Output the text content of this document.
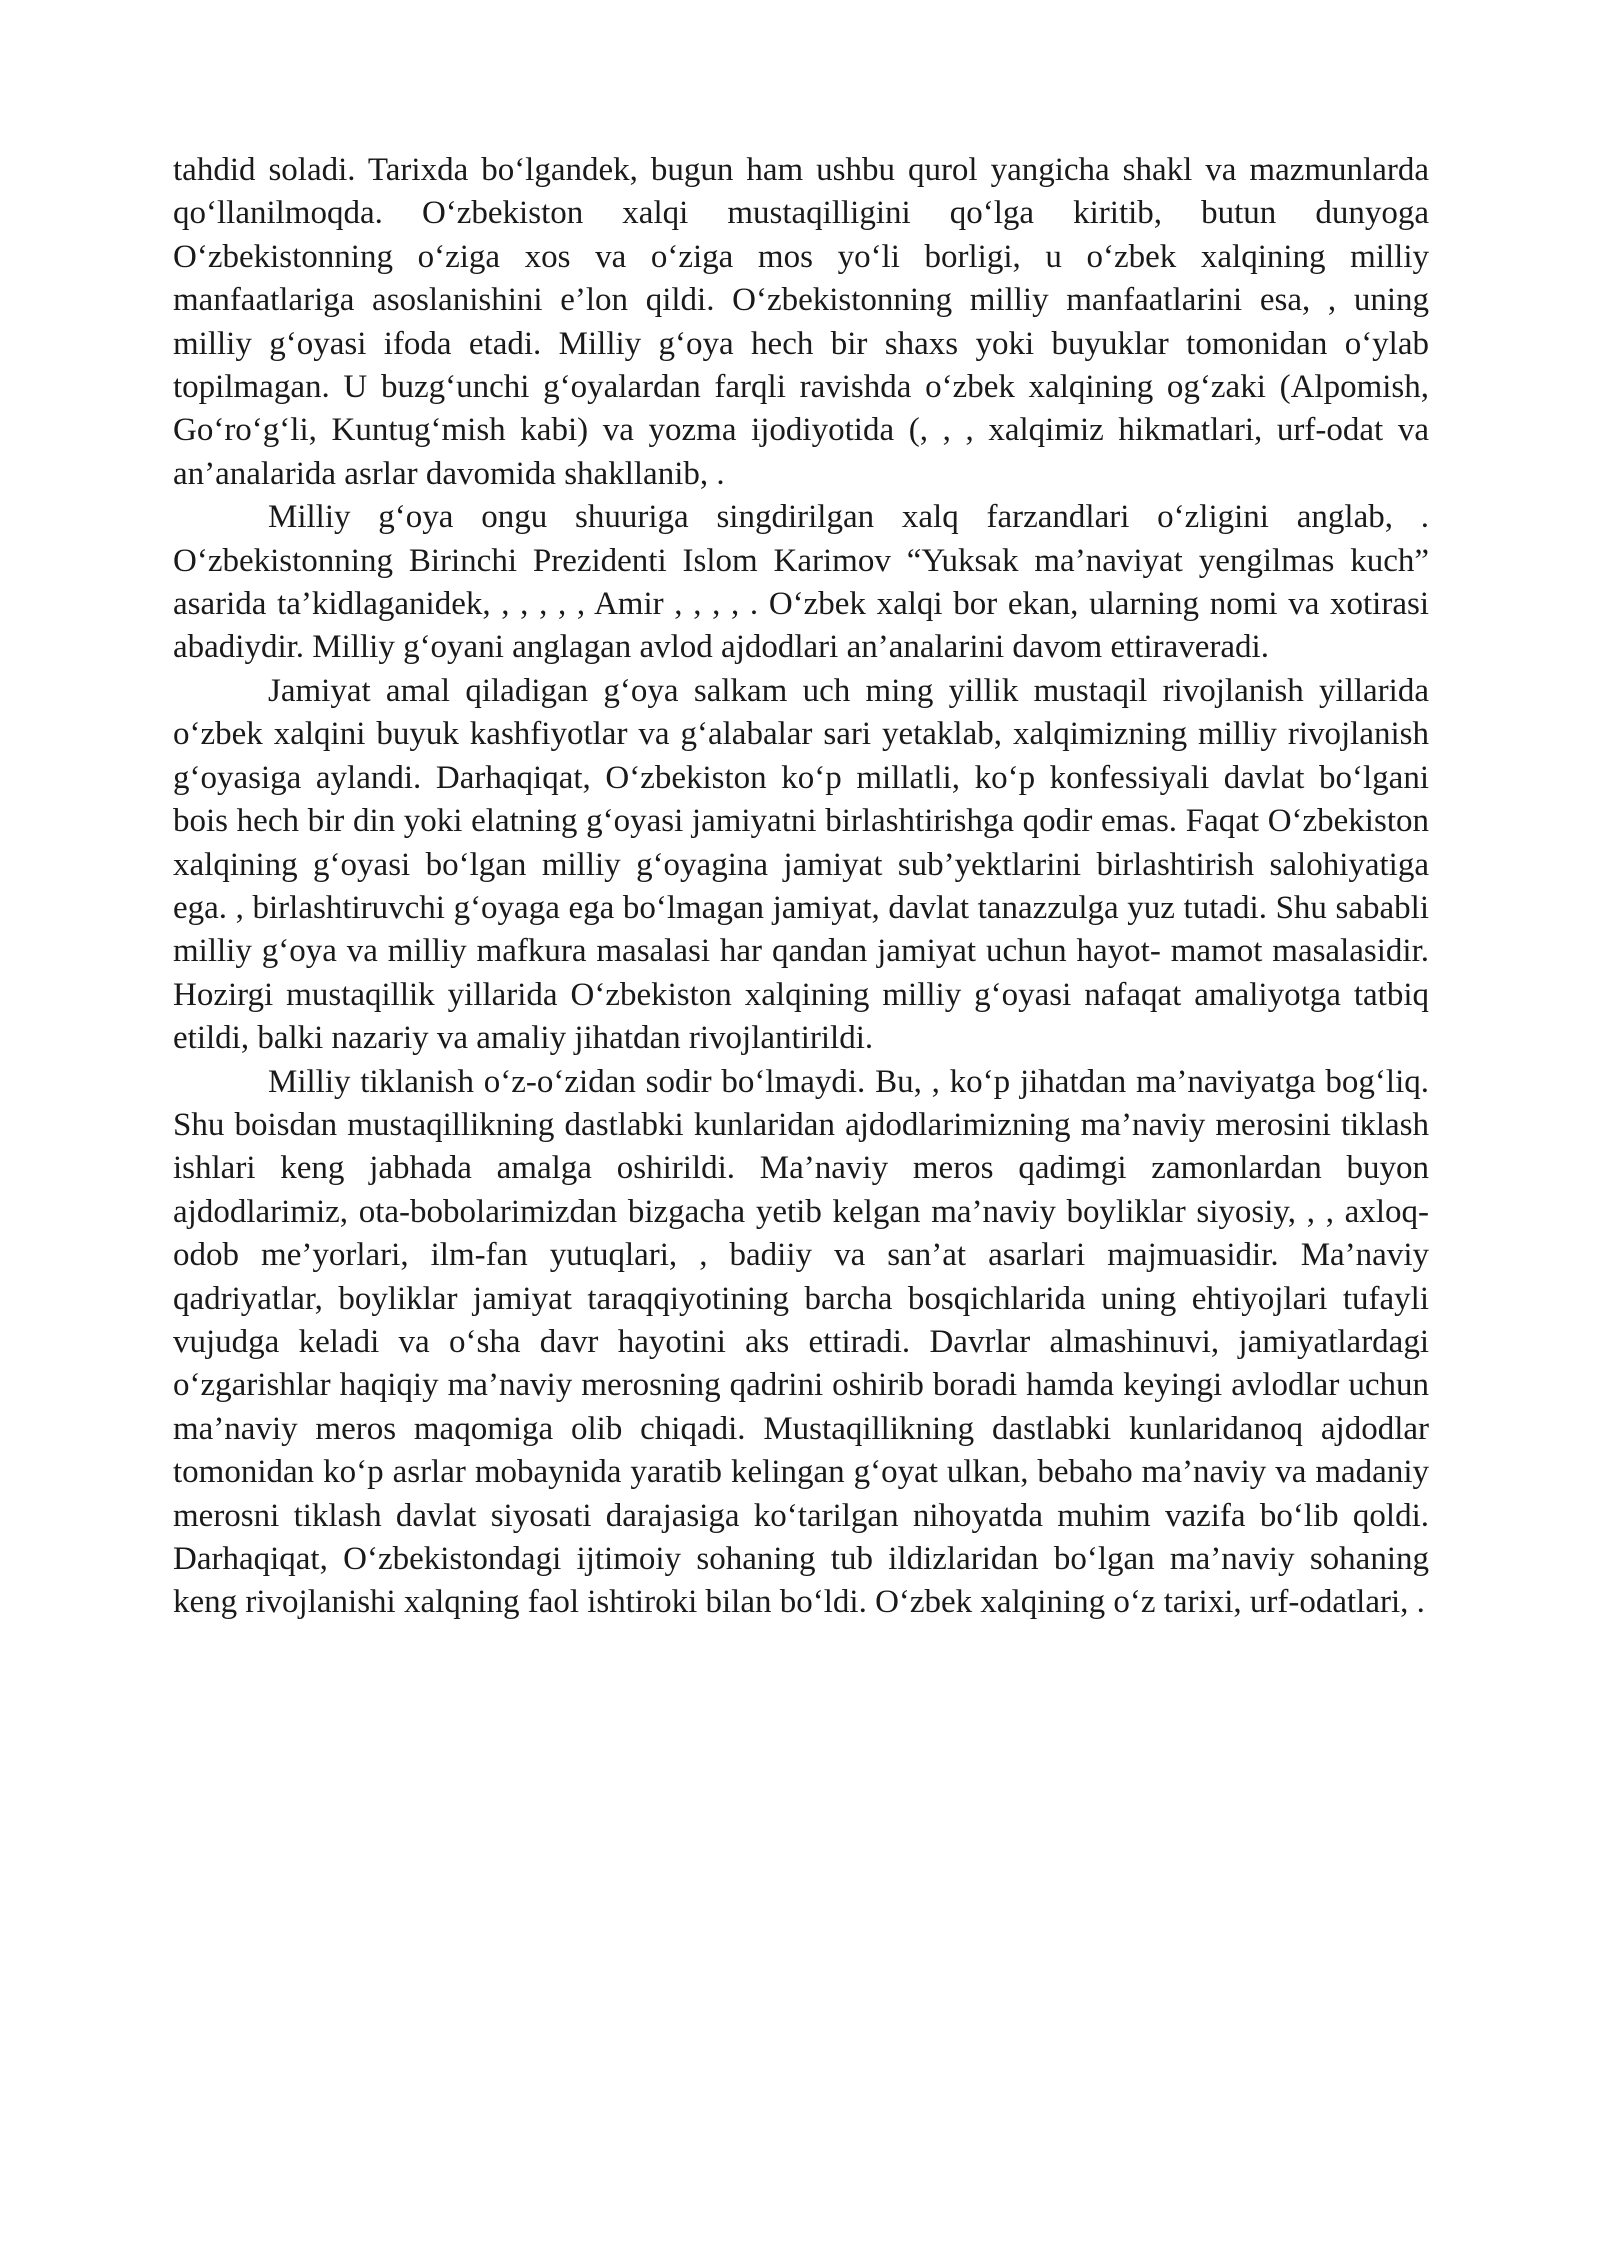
tahdid soladi. Tarixda bo‘lgandek, bugun ham ushbu qurol yangicha shakl va mazmunlarda qo‘llanilmoqda. O‘zbekiston xalqi mustaqilligini qo‘lga kiritib, butun dunyoga O‘zbekistonning o‘ziga xos va o‘ziga mos yo‘li borligi, u o‘zbek xalqining milliy manfaatlariga asoslanishini e’lon qildi. O‘zbekistonning milliy manfaatlarini esa, , uning milliy g‘oyasi ifoda etadi. Milliy g‘oya hech bir shaxs yoki buyuklar tomonidan o‘ylab topilmagan. U buzg‘unchi g‘oyalardan farqli ravishda o‘zbek xalqining og‘zaki (Alpomish, Go‘ro‘g‘li, Kuntug‘mish kabi) va yozma ijodiyotida (, , , xalqimiz hikmatlari, urf-odat va an’analarida asrlar davomida shakllanib, .

Milliy g‘oya ongu shuuriga singdirilgan xalq farzandlari o‘zligini anglab, . O‘zbekistonning Birinchi Prezidenti Islom Karimov “Yuksak ma’naviyat yengilmas kuch” asarida ta’kidlaganidek, , , , , , Amir , , , , . O‘zbek xalqi bor ekan, ularning nomi va xotirasi abadiydir. Milliy g‘oyani anglagan avlod ajdodlari an’analarini davom ettiraveradi.

Jamiyat amal qiladigan g‘oya salkam uch ming yillik mustaqil rivojlanish yillarida o‘zbek xalqini buyuk kashfiyotlar va g‘alabalar sari yetaklab, xalqimizning milliy rivojlanish g‘oyasiga aylandi. Darhaqiqat, O‘zbekiston ko‘p millatli, ko‘p konfessiyali davlat bo‘lgani bois hech bir din yoki elatning g‘oyasi jamiyatni birlashtirishga qodir emas. Faqat O‘zbekiston xalqining g‘oyasi bo‘lgan milliy g‘oyagina jamiyat sub’yektlarini birlashtirish salohiyatiga ega. , birlashtiruvchi g‘oyaga ega bo‘lmagan jamiyat, davlat tanazzulga yuz tutadi. Shu sababli milliy g‘oya va milliy mafkura masalasi har qandan jamiyat uchun hayot- mamot masalasidir. Hozirgi mustaqillik yillarida O‘zbekiston xalqining milliy g‘oyasi nafaqat amaliyotga tatbiq etildi, balki nazariy va amaliy jihatdan rivojlantirildi.

Milliy tiklanish o‘z-o‘zidan sodir bo‘lmaydi. Bu, , ko‘p jihatdan ma’naviyatga bog‘liq. Shu boisdan mustaqillikning dastlabki kunlaridan ajdodlarimizning ma’naviy merosini tiklash ishlari keng jabhada amalga oshirildi. Ma’naviy meros qadimgi zamonlardan buyon ajdodlarimiz, ota-bobolarimizdan bizgacha yetib kelgan ma’naviy boyliklar siyosiy, , , axloq-odob me’yorlari, ilm-fan yutuqlari, , badiiy va san’at asarlari majmuasidir. Ma’naviy qadriyatlar, boyliklar jamiyat taraqqiyotining barcha bosqichlarida uning ehtiyojlari tufayli vujudga keladi va o‘sha davr hayotini aks ettiradi. Davrlar almashinuvi, jamiyatlardagi o‘zgarishlar haqiqiy ma’naviy merosning qadrini oshirib boradi hamda keyingi avlodlar uchun ma’naviy meros maqomiga olib chiqadi. Mustaqillikning dastlabki kunlaridanoq ajdodlar tomonidan ko‘p asrlar mobaynida yaratib kelingan g‘oyat ulkan, bebaho ma’naviy va madaniy merosni tiklash davlat siyosati darajasiga ko‘tarilgan nihoyatda muhim vazifa bo‘lib qoldi. Darhaqiqat, O‘zbekistondagi ijtimoiy sohaning tub ildizlaridan bo‘lgan ma’naviy sohaning keng rivojlanishi xalqning faol ishtiroki bilan bo‘ldi. O‘zbek xalqining o‘z tarixi, urf-odatlari, .
